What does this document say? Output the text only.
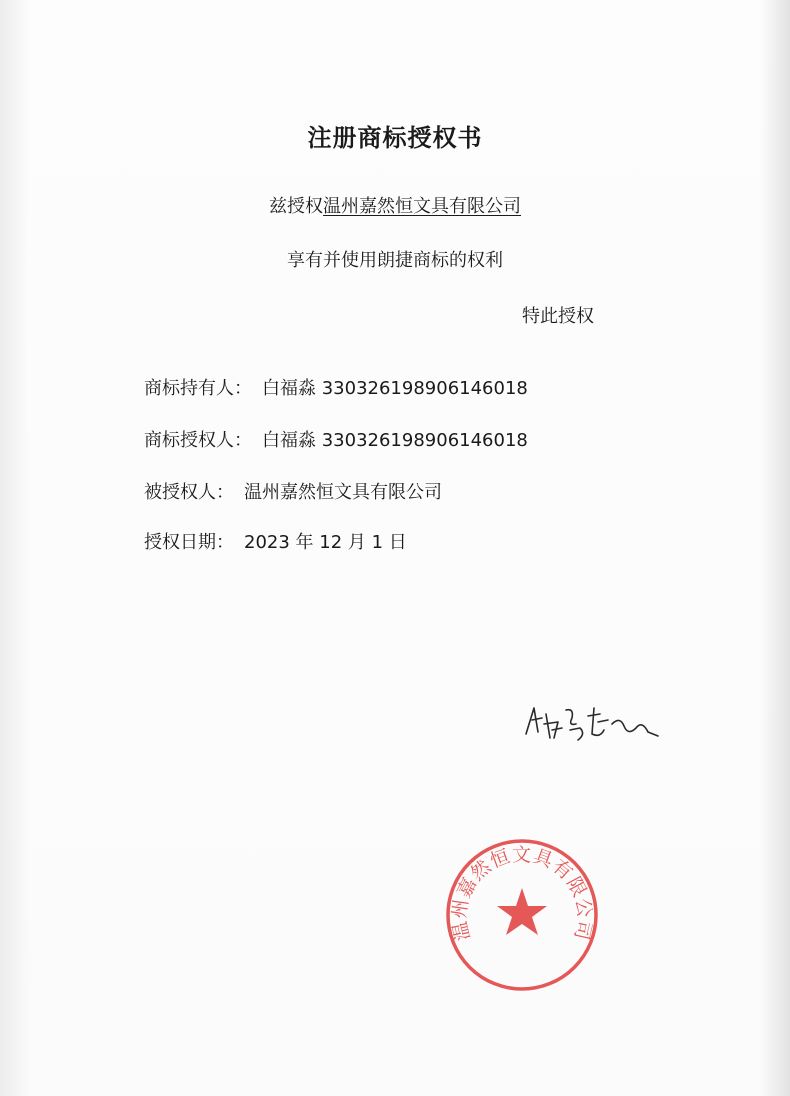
注册商标授权书
兹授权温州嘉然恒文具有限公司
享有并使用朗捷商标的权利
特此授权
商标持有人： 白福淼 330326198906146018
商标授权人： 白福淼 330326198906146018
被授权人： 温州嘉然恒文具有限公司
授权日期： 2023 年 12 月 1 日
温州嘉然恒文具有限公司
